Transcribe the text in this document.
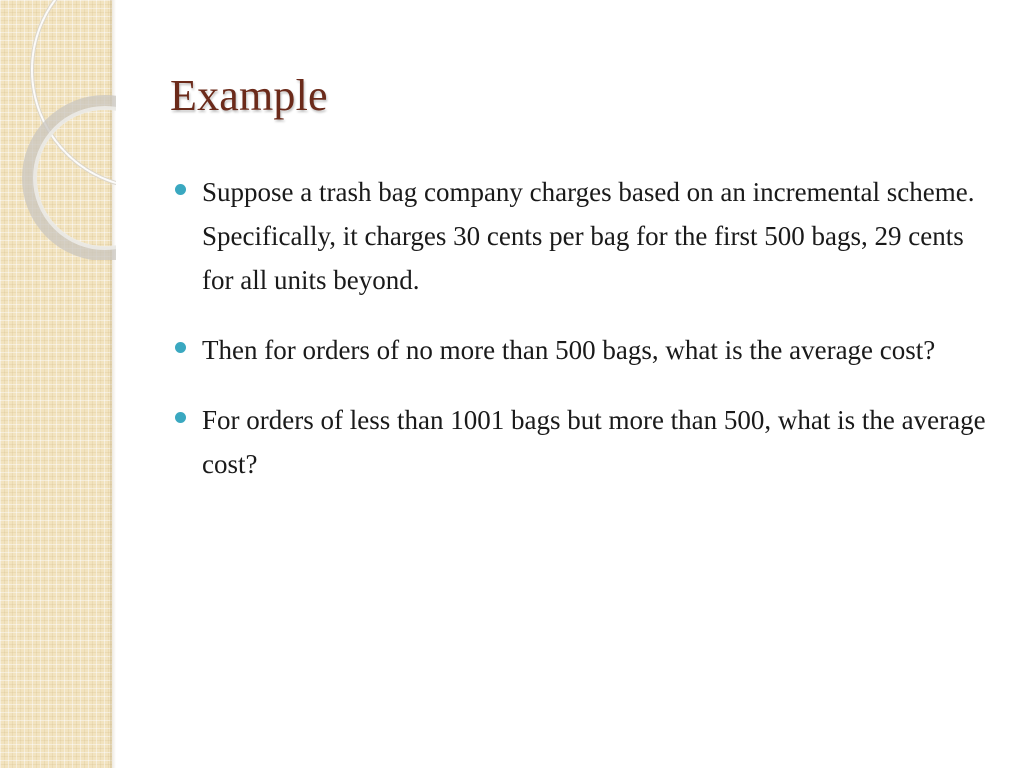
Example
Suppose a trash bag company charges based on an incremental scheme. Specifically, it charges 30 cents per bag for the first 500 bags, 29 cents for all units beyond.
Then for orders of no more than 500 bags, what is the average cost?
For orders of less than 1001 bags but more than 500, what is the average cost?
